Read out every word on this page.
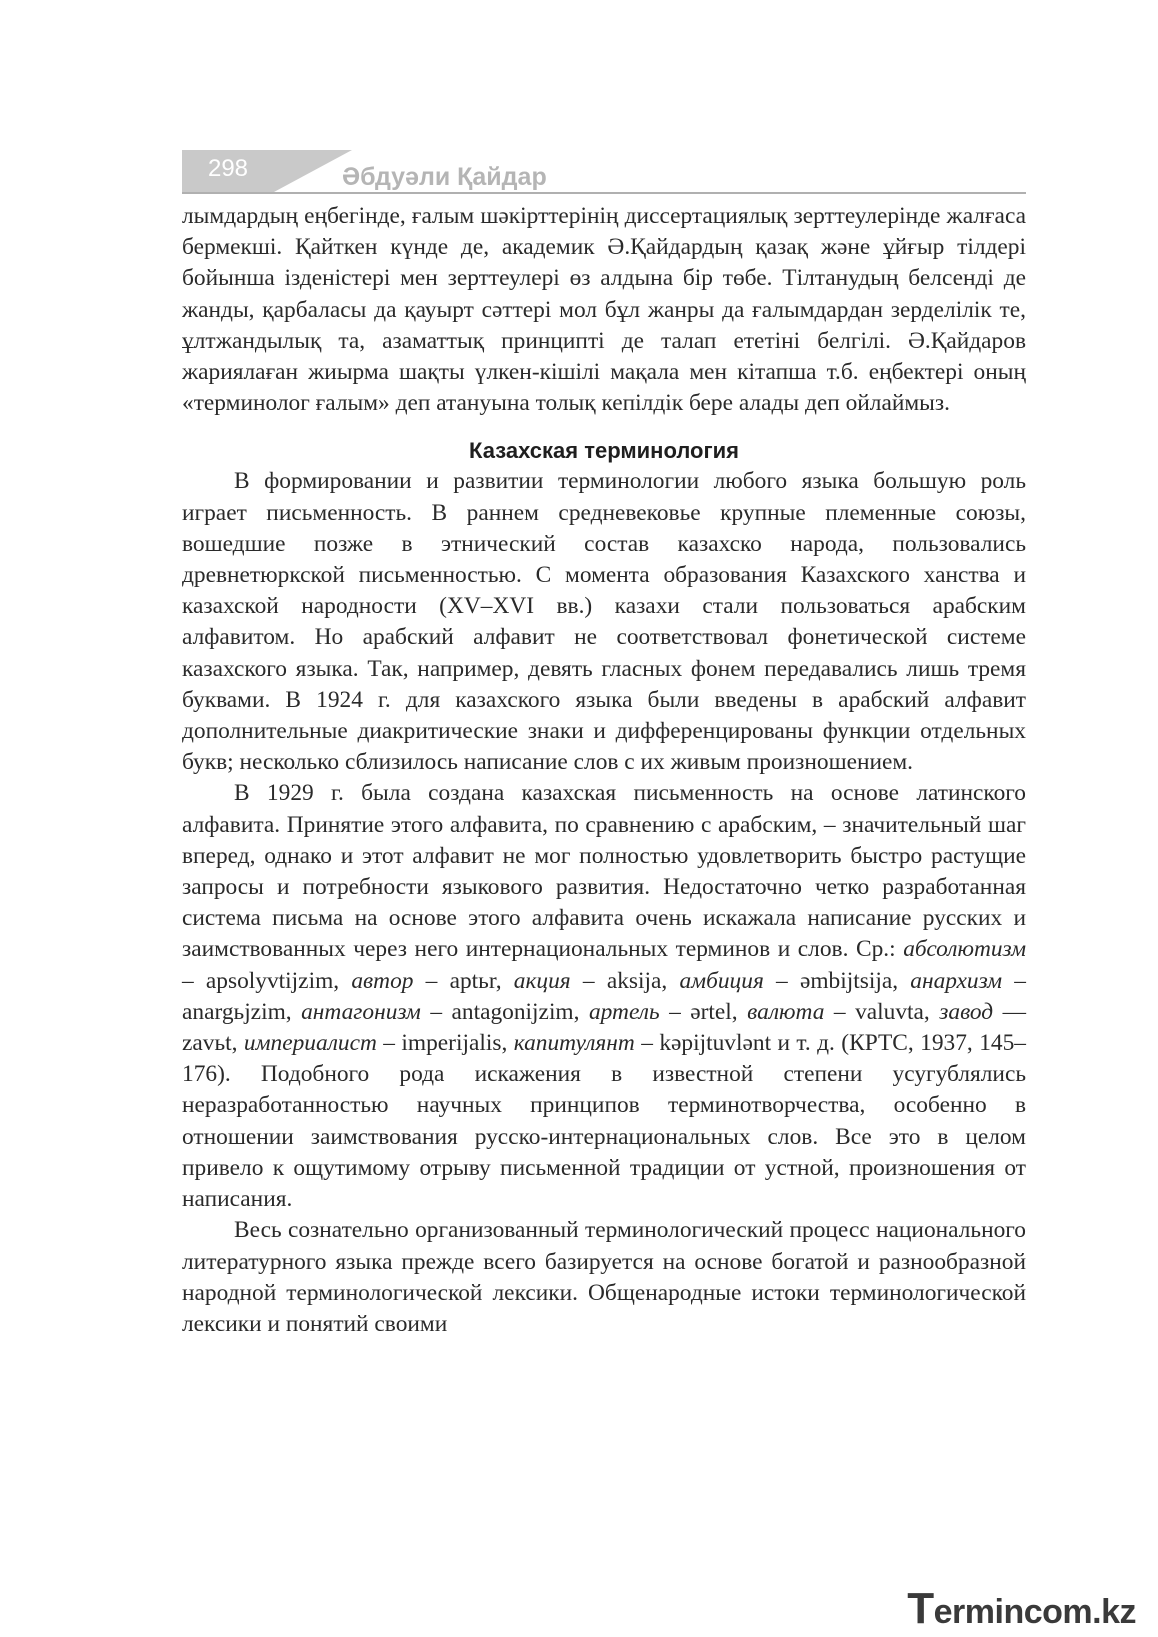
298	Әбдуәли Қайдар

лымдардың еңбегінде, ғалым шәкірттерінің диссертациялық зерттеулерінде жалғаса бермекші. Қайткен күнде де, академик Ә.Қайдардың қазақ және ұйғыр тілдері бойынша ізденістері мен зерттеулері өз алдына бір төбе. Тілтанудың белсенді де жанды, қарбаласы да қауырт сәттері мол бұл жанры да ғалымдардан зерделілік те, ұлтжандылық та, азаматтық принципті де талап ететіні белгілі. Ә.Қайдаров жариялаған жиырма шақты үлкен-кішілі мақала мен кітапша т.б. еңбектері оның «терминолог ғалым» деп атануына толық кепілдік бере алады деп ойлаймыз.

Казахская терминология

В формировании и развитии терминологии любого языка большую роль играет письменность. В раннем средневековье крупные племенные союзы, вошедшие позже в этнический состав казахско народа, пользовались древнетюркской письменностью. С момента образования Казахского ханства и казахской народности (XV–XVI вв.) казахи стали пользоваться арабским алфавитом. Но арабский алфавит не соответствовал фонетической системе казахского языка. Так, например, девять гласных фонем передавались лишь тремя буквами. В 1924 г. для казахского языка были введены в арабский алфавит дополнительные диакритические знаки и дифференцированы функции отдельных букв; несколько сблизилось написание слов с их живым произношением.

В 1929 г. была создана казахская письменность на основе латинского алфавита. Принятие этого алфавита, по сравнению с арабским, – значительный шаг вперед, однако и этот алфавит не мог полностью удовлетворить быстро растущие запросы и потребности языкового развития. Недостаточно четко разработанная система письма на основе этого алфавита очень искажала написание русских и заимствованных через него интернациональных терминов и слов. Ср.: абсолютизм – apsolyvtijzim, автор – aptьr, акция – aksija, амбиция – əmbijtsija, анархизм – anargьjzim, антагонизм – antagonijzim, артель – ərtel, валюта – valuvta, завод — zavьt, империалист – imperijalis, капитулянт – kəpijtuvlənt и т. д. (КРТС, 1937, 145–176). Подобного рода искажения в известной степени усугублялись неразработанностью научных принципов терминотворчества, особенно в отношении заимствования русско-интернациональных слов. Все это в целом привело к ощутимому отрыву письменной традиции от устной, произношения от написания.

Весь сознательно организованный терминологический процесс национального литературного языка прежде всего базируется на основе богатой и разнообразной народной терминологической лексики. Общенародные истоки терминологической лексики и понятий своими

Termincom.kz
